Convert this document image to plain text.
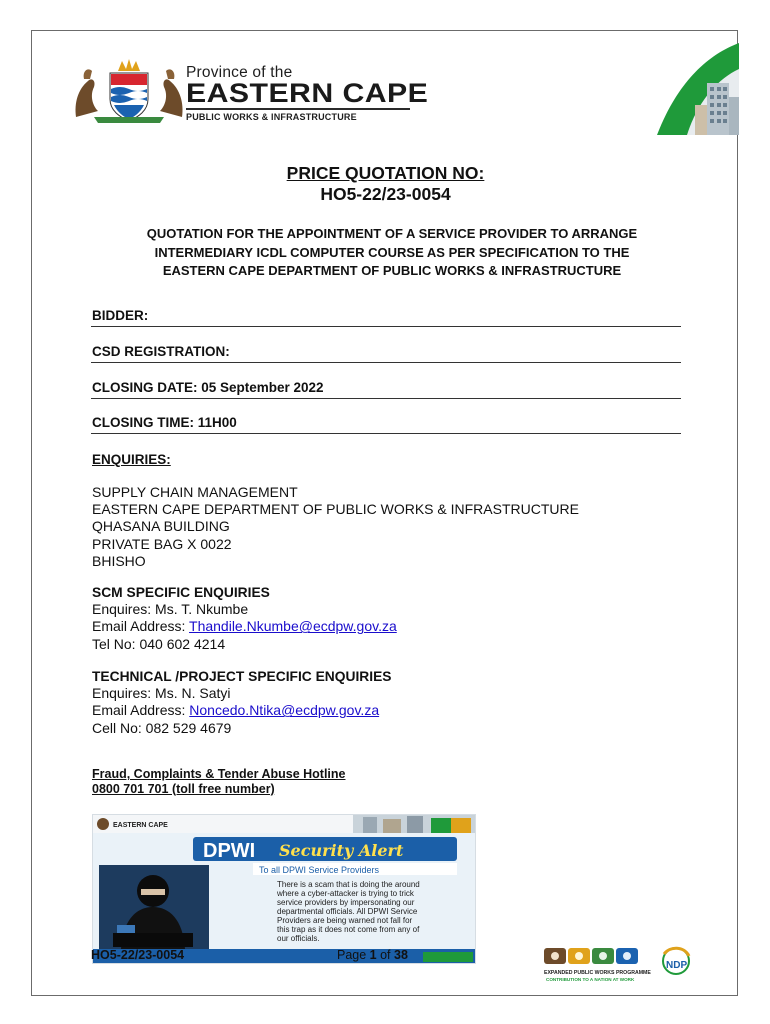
Province of the
EASTERN CAPE
PUBLIC WORKS & INFRASTRUCTURE
PRICE QUOTATION NO:
HO5-22/23-0054
QUOTATION FOR THE APPOINTMENT OF A SERVICE PROVIDER TO ARRANGE INTERMEDIARY ICDL COMPUTER COURSE AS PER SPECIFICATION TO THE EASTERN CAPE DEPARTMENT OF PUBLIC WORKS & INFRASTRUCTURE
BIDDER:
CSD REGISTRATION:
CLOSING DATE: 05 September 2022
CLOSING TIME: 11H00
ENQUIRIES:
SUPPLY CHAIN MANAGEMENT
EASTERN CAPE DEPARTMENT OF PUBLIC WORKS & INFRASTRUCTURE
QHASANA BUILDING
PRIVATE BAG X 0022
BHISHO
SCM SPECIFIC ENQUIRIES
Enquires: Ms. T. Nkumbe
Email Address: Thandile.Nkumbe@ecdpw.gov.za
Tel No: 040 602 4214
TECHNICAL /PROJECT SPECIFIC ENQUIRIES
Enquires: Ms. N. Satyi
Email Address: Noncedo.Ntika@ecdpw.gov.za
Cell No: 082 529 4679
Fraud, Complaints & Tender Abuse Hotline
0800 701 701 (toll free number)
EASTERN CAPE
DPWI Security Alert
To all DPWI Service Providers
There is a scam that is doing the around where a cyber-attacker is trying to trick service providers by impersonating our departmental officials. All DPWI Service Providers are being warned not fall for this trap as it does not come from any of our officials.
HO5-22/23-0054	Page 1 of 38
EXPANDED PUBLIC WORKS PROGRAMME
CONTRIBUTION TO A NATION AT WORK
NDP
